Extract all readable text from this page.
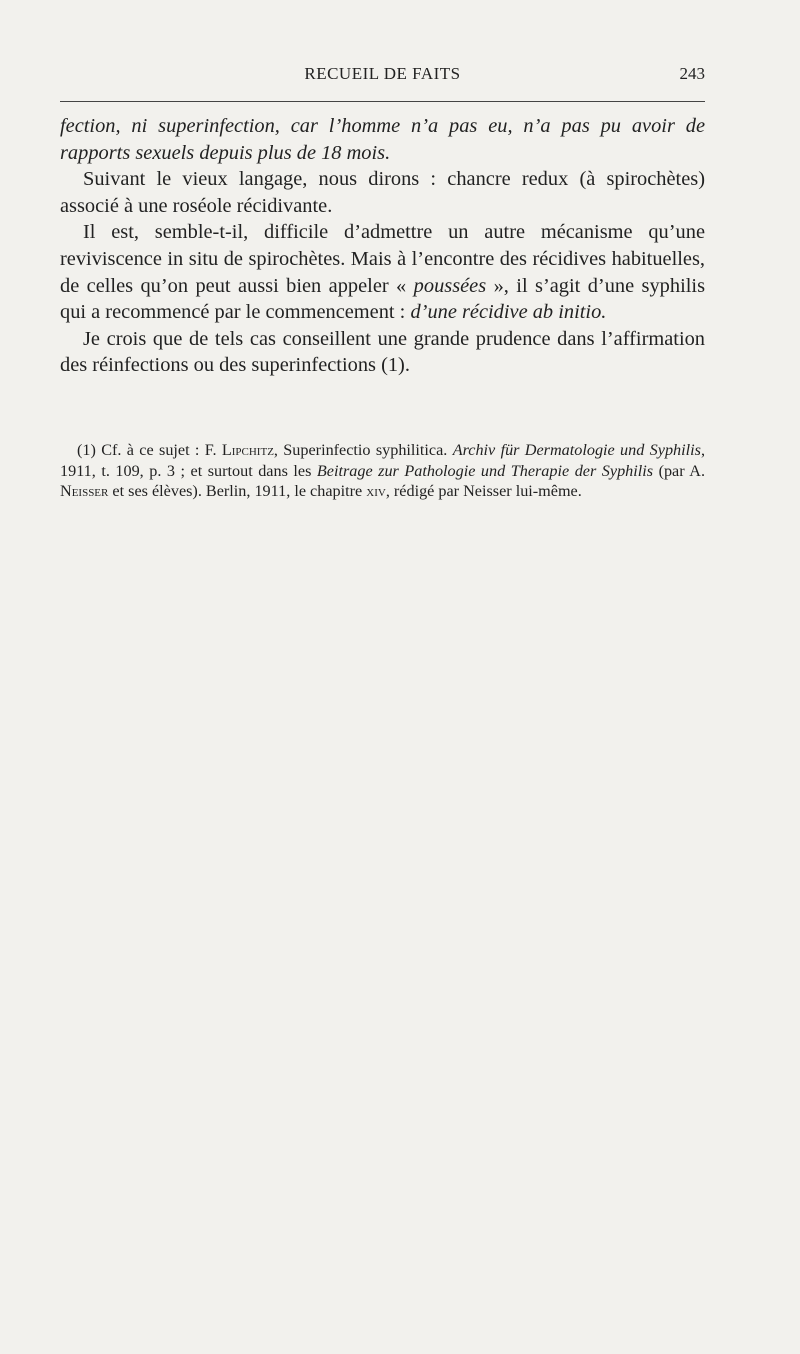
RECUEIL DE FAITS	243

fection, ni superinfection, car l’homme n’a pas eu, n’a pas pu avoir de rapports sexuels depuis plus de 18 mois.

Suivant le vieux langage, nous dirons : chancre redux (à spirochètes) associé à une roséole récidivante.

Il est, semble-t-il, difficile d’admettre un autre mécanisme qu’une reviviscence in situ de spirochètes. Mais à l’encontre des récidives habituelles, de celles qu’on peut aussi bien appeler « poussées », il s’agit d’une syphilis qui a recommencé par le commencement : d’une récidive ab initio.

Je crois que de tels cas conseillent une grande prudence dans l’affirmation des réinfections ou des superinfections (1).

(1) Cf. à ce sujet : F. Lipchitz, Superinfectio syphilitica. Archiv für Dermatologie und Syphilis, 1911, t. 109, p. 3 ; et surtout dans les Beitrage zur Pathologie und Therapie der Syphilis (par A. Neisser et ses élèves). Berlin, 1911, le chapitre xiv, rédigé par Neisser lui-même.
